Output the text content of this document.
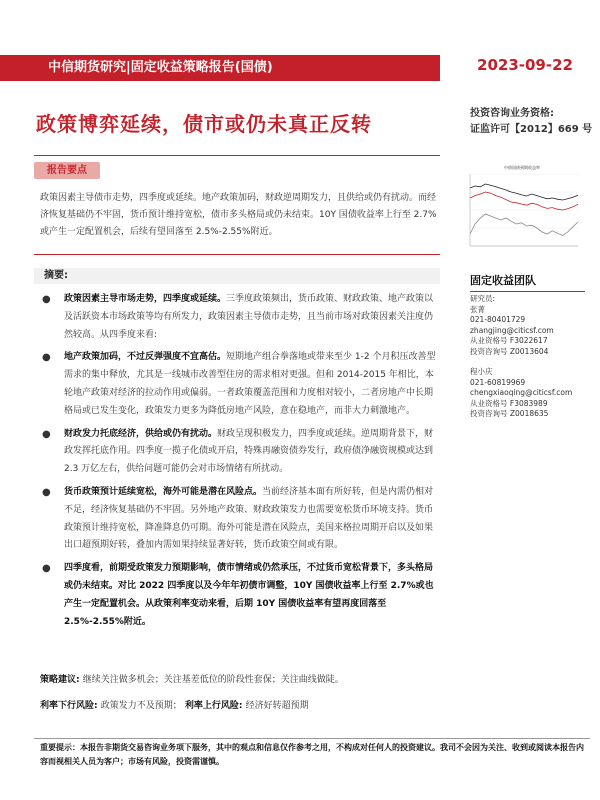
中信期货研究|固定收益策略报告(国债)	2023-09-22
政策博弈延续，债市或仍未真正反转	投资咨询业务资格:
证监许可【2012】669 号
报告要点
政策因素主导债市走势，四季度或延续。地产政策加码，财政逆周期发力，且供给或仍有扰动。而经济恢复基础仍不牢固，货币预计维持宽松，债市多头格局或仍未结束。10Y 国债收益率上行至 2.7%或产生一定配置机会，后续有望回落至 2.5%-2.55%附近。
中债国债到期收益率
固定收益团队
研究员:
张菁
021-80401729
zhangjing@citicsf.com
从业资格号 F3022617
投资咨询号 Z0013604
程小庆
021-60819969
chengxiaoqing@citicsf.com
从业资格号 F3083989
投资咨询号 Z0018635
摘要:
● 政策因素主导市场走势，四季度或延续。三季度政策频出，货币政策、财政政策、地产政策以及活跃资本市场政策等均有所发力，政策因素主导债市走势，且当前市场对政策因素关注度仍然较高。从四季度来看:
● 地产政策加码，不过反弹强度不宜高估。短期地产组合拳落地或带来至少 1-2 个月积压改善型需求的集中释放，尤其是一线城市改善型住房的需求相对更强。但和 2014-2015 年相比，本轮地产政策对经济的拉动作用或偏弱。一者政策覆盖范围和力度相对较小，二者房地产中长期格局或已发生变化，政策发力更多为降低房地产风险，意在稳地产，而非大力刺激地产。
● 财政发力托底经济，供给或仍有扰动。财政呈现积极发力，四季度或延续。逆周期背景下，财政发挥托底作用。四季度一揽子化债或开启，特殊再融资债券发行，政府债净融资规模或达到 2.3 万亿左右，供给问题可能仍会对市场情绪有所扰动。
● 货币政策预计延续宽松，海外可能是潜在风险点。当前经济基本面有所好转，但是内需仍相对不足，经济恢复基础仍不牢固。另外地产政策、财政政策发力也需要宽松货币环境支持。货币政策预计维持宽松，降准降息仍可期。海外可能是潜在风险点，美国来格拉周期开启以及如果出口超预期好转，叠加内需如果持续显著好转，货币政策空间或有限。
● 四季度看，前期受政策发力预期影响，债市情绪或仍然承压，不过货币宽松背景下，多头格局或仍未结束。对比 2022 四季度以及今年年初债市调整，10Y 国债收益率上行至 2.7%或也产生一定配置机会。从政策利率变动来看，后期 10Y 国债收益率有望再度回落至 2.5%-2.55%附近。
策略建议: 继续关注做多机会；关注基差低位的阶段性套保；关注曲线做陡。
利率下行风险: 政策发力不及预期； 利率上行风险: 经济好转超预期
重要提示：本报告非期货交易咨询业务项下服务，其中的观点和信息仅作参考之用，不构成对任何人的投资建议。我司不会因为关注、收到或阅读本报告内容而视相关人员为客户；市场有风险，投资需谨慎。
